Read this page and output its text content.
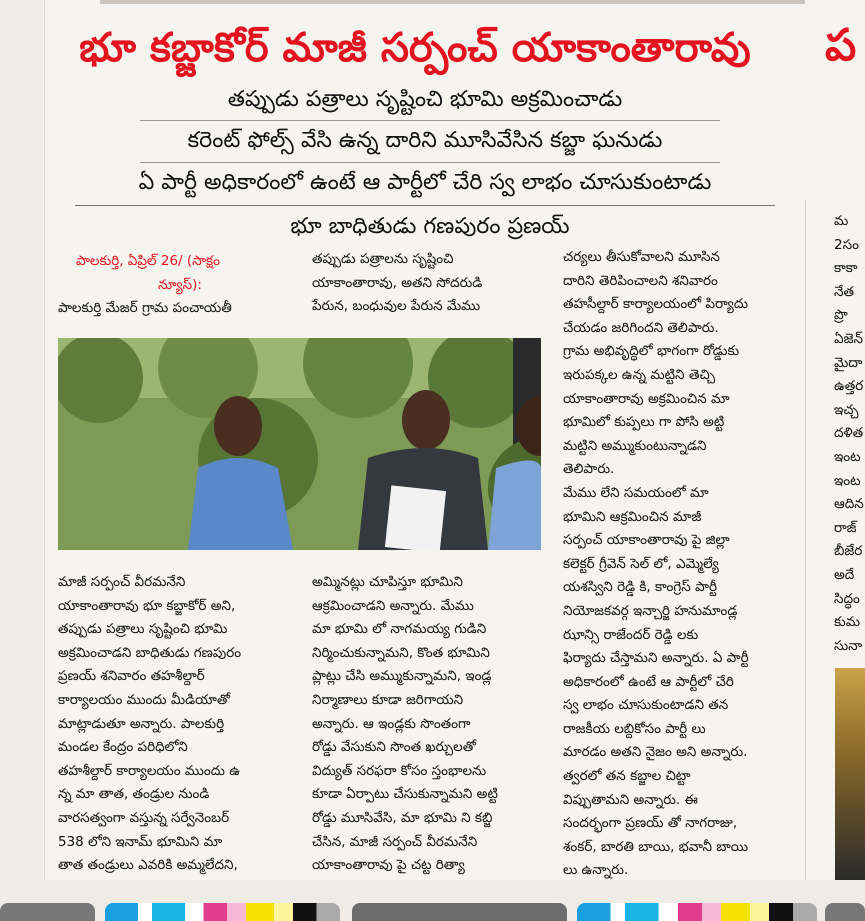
భూ కబ్జాకోర్ మాజీ సర్పంచ్ యాకాంతారావు
తప్పుడు పత్రాలు సృష్టించి భూమి అక్రమించాడు
కరెంట్ ఫోల్స్ వేసి ఉన్న దారిని మూసివేసిన కబ్జా ఘనుడు
ఏ పార్టీ అధికారంలో ఉంటే ఆ పార్టీలో చేరి స్వ లాభం చూసుకుంటాడు
భూ బాధితుడు గణపురం ప్రణయ్
పాలకుర్తి, ఏప్రిల్ 26/ (సాక్షం
న్యూస్):
పాలకుర్తి మేజర్ గ్రామ పంచాయతీ
తప్పుడు పత్రాలను సృష్టించి
యాకాంతారావు, అతని సోదరుడి
పేరున, బంధువుల పేరున మేము
చర్యలు తీసుకోవాలని మూసిన
దారిని తెరిపించాలని శనివారం
తహసీల్దార్ కార్యాలయంలో పిర్యాదు
చేయడం జరిగిందని తెలిపారు.
గ్రామ అభివృద్ధిలో భాగంగా రోడ్డుకు
ఇరుపక్కల ఉన్న మట్టిని తెచ్చి
యాకాంతారావు అక్రమించిన మా
భూమిలో కుప్పలు గా పోసి అట్టి
మట్టిని అమ్ముకుంటున్నాడని
తెలిపారు.
మేము లేని సమయంలో మా
భూమిని ఆక్రమించిన మాజీ
సర్పంచ్ యాకాంతారావు పై జిల్లా
కలెక్టర్ గ్రీవెన్ సెల్ లో, ఎమ్మెల్యే
యశస్విని రెడ్డి కి, కాంగ్రెస్ పార్టీ
నియోజకవర్గ ఇన్చార్జి హనుమాండ్ల
ఝాన్సి రాజేందర్ రెడ్డి లకు
ఫిర్యాదు చేస్తామని అన్నారు. ఏ పార్టీ
అధికారంలో ఉంటే ఆ పార్టీలో చేరి
స్వ లాభం చూసుకుంటాడని తన
రాజకీయ లబ్దికోసం పార్టీ లు
మారడం అతని నైజం అని అన్నారు.
త్వరలో తన కబ్జాల చిట్టా
విప్పుతామని అన్నారు. ఈ
సందర్భంగా ప్రణయ్ తో నాగరాజు,
శంకర్, బారతి బాయి, భవానీ బాయి
లు ఉన్నారు.
మాజీ సర్పంచ్ వీరమనేని
యాకాంతారావు భూ కబ్జాకోర్ అని,
తప్పుడు పత్రాలు సృష్టించి భూమి
అక్రమించాడని బాధితుడు గణపురం
ప్రణయ్ శనివారం తహశీల్దార్
కార్యాలయం ముందు మీడియాతో
మాట్లాడుతూ అన్నారు. పాలకుర్తి
మండల కేంద్రం పరిధిలోని
తహశీల్దార్ కార్యాలయం ముందు ఉ
న్న మా తాత, తండ్రుల నుండి
వారసత్వంగా వస్తున్న సర్వేనెంబర్
538 లోని ఇనామ్ భూమిని మా
తాత తండ్రులు ఎవరికి అమ్మలేదని,
అమ్మినట్లు చూపిస్తూ భూమిని
ఆక్రమించాడని అన్నారు. మేము
మా భూమి లో నాగమయ్య గుడిని
నిర్మించుకున్నామని, కొంత భూమిని
ప్లాట్లు చేసి అమ్ముకున్నామని, ఇండ్ల
నిర్మాణాలు కూడా జరిగాయని
అన్నారు. ఆ ఇండ్లకు సొంతంగా
రోడ్డు వేసుకుని సొంత ఖర్చులతో
విద్యుత్ సరఫరా కోసం స్తంభాలను
కూడా ఏర్పాటు చేసుకున్నామని అట్టి
రోడ్డు మూసివేసి, మా భూమి ని కబ్జి
చేసిన, మాజీ సర్పంచ్ వీరమనేని
యాకాంతారావు పై చట్ట రిత్యా
ప
మ
2సం
కాకా
నేత
ప్రొ
ఏజెన్
మైదా
ఉత్తర
ఇచ్చ
దళిత
ఇంట
ఇంట
ఆదిన
రాజ్
బీజేర
అదే
సిద్ధం
కుమ
సునా
